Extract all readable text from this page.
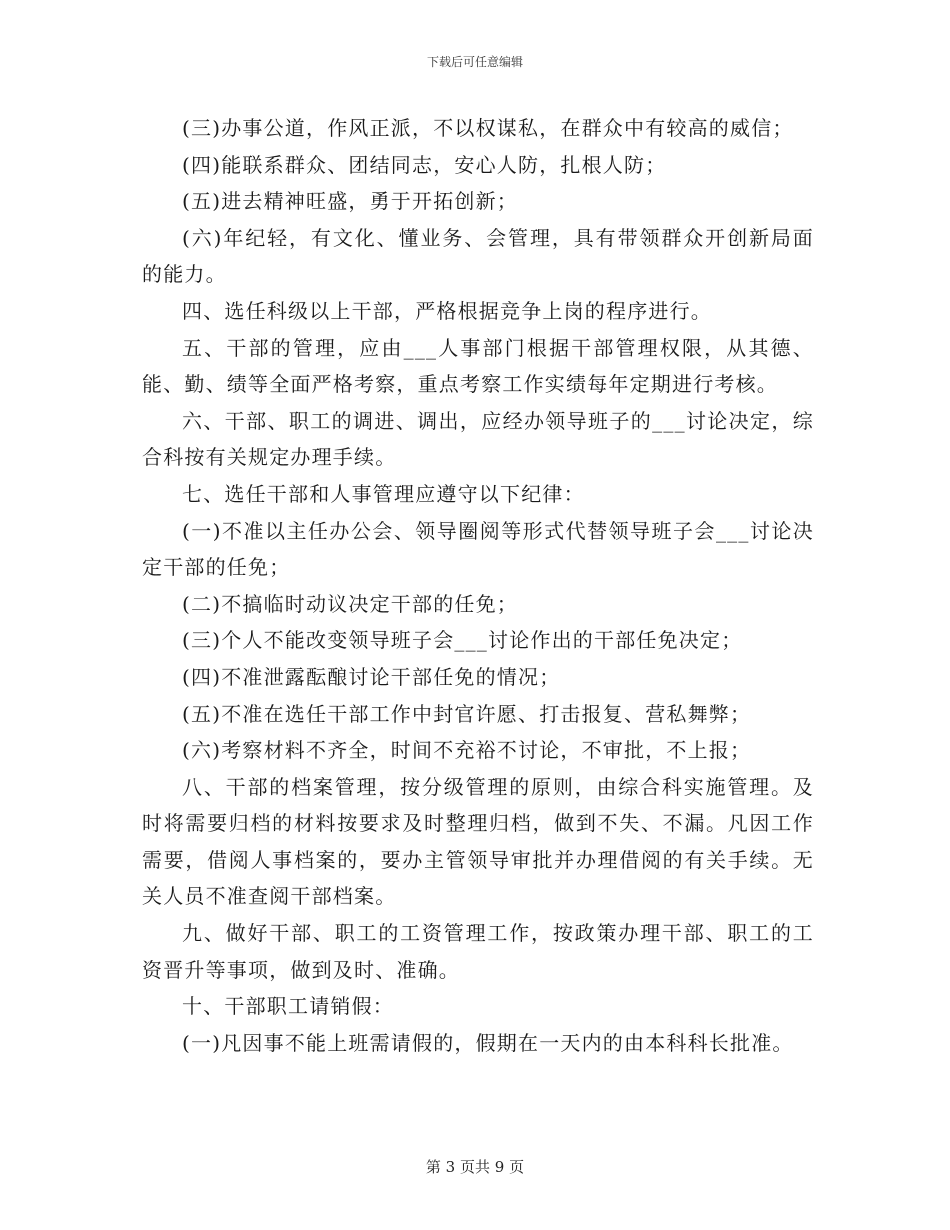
下载后可任意编辑

(三)办事公道，作风正派，不以权谋私，在群众中有较高的威信；

(四)能联系群众、团结同志，安心人防，扎根人防；

(五)进去精神旺盛，勇于开拓创新；

(六)年纪轻，有文化、懂业务、会管理，具有带领群众开创新局面的能力。

四、选任科级以上干部，严格根据竞争上岗的程序进行。

五、干部的管理，应由___人事部门根据干部管理权限，从其德、能、勤、绩等全面严格考察，重点考察工作实绩每年定期进行考核。

六、干部、职工的调进、调出，应经办领导班子的___讨论决定，综合科按有关规定办理手续。

七、选任干部和人事管理应遵守以下纪律：

(一)不准以主任办公会、领导圈阅等形式代替领导班子会___讨论决定干部的任免；

(二)不搞临时动议决定干部的任免；

(三)个人不能改变领导班子会___讨论作出的干部任免决定；

(四)不准泄露酝酿讨论干部任免的情况；

(五)不准在选任干部工作中封官许愿、打击报复、营私舞弊；

(六)考察材料不齐全，时间不充裕不讨论，不审批，不上报；

八、干部的档案管理，按分级管理的原则，由综合科实施管理。及时将需要归档的材料按要求及时整理归档，做到不失、不漏。凡因工作需要，借阅人事档案的，要办主管领导审批并办理借阅的有关手续。无关人员不准查阅干部档案。

九、做好干部、职工的工资管理工作，按政策办理干部、职工的工资晋升等事项，做到及时、准确。

十、干部职工请销假：

(一)凡因事不能上班需请假的，假期在一天内的由本科科长批准。

第 3 页共 9 页
